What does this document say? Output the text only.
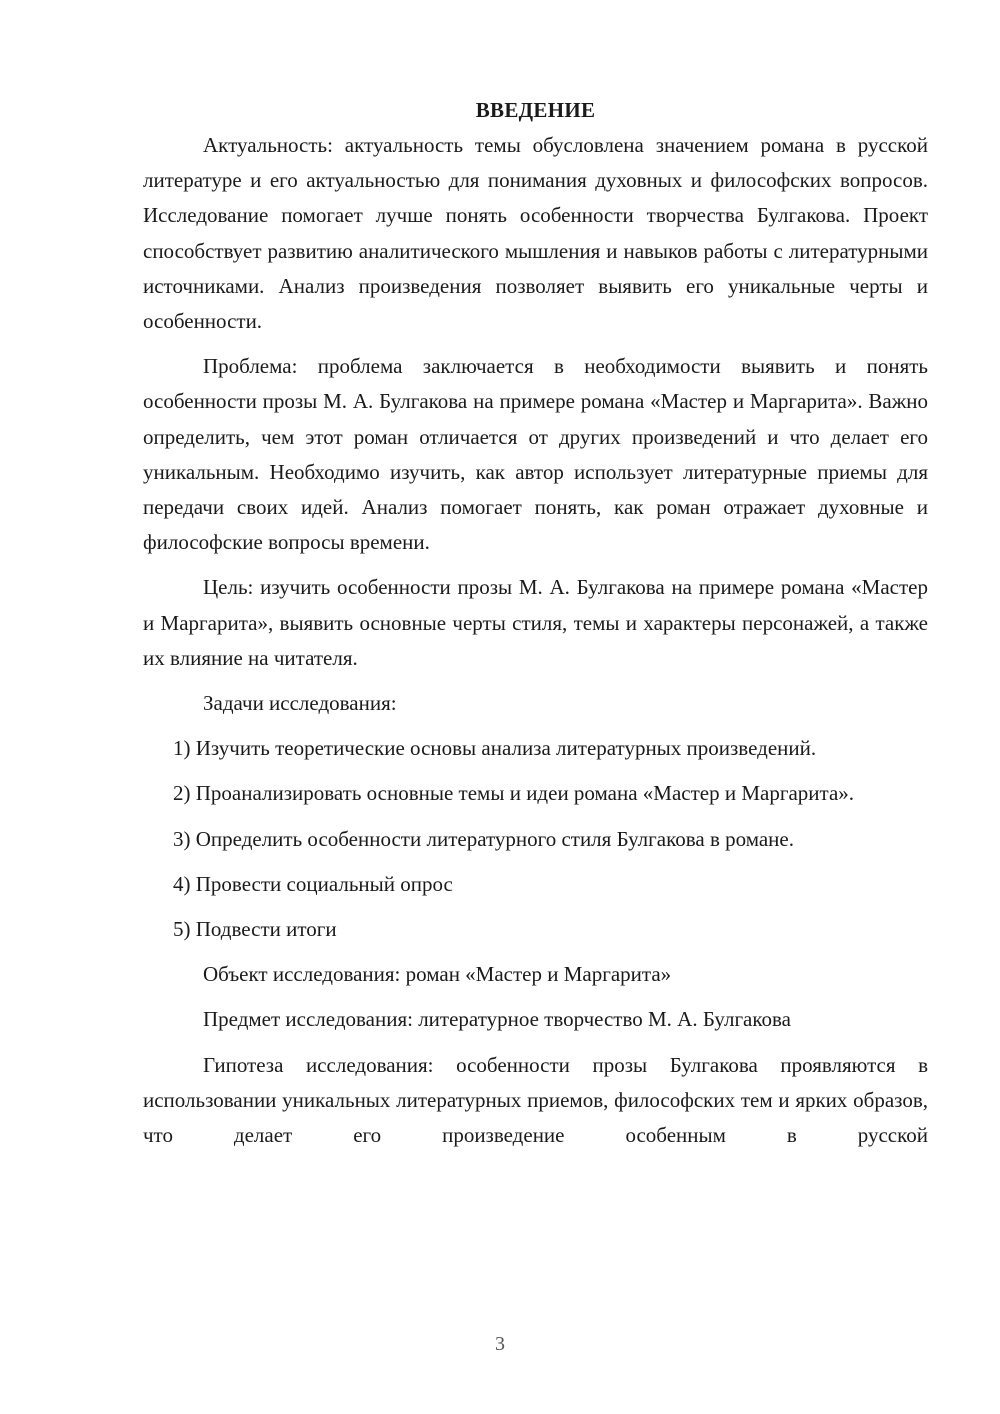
ВВЕДЕНИЕ

Актуальность: актуальность темы обусловлена значением романа в русской литературе и его актуальностью для понимания духовных и философских вопросов. Исследование помогает лучше понять особенности творчества Булгакова. Проект способствует развитию аналитического мышления и навыков работы с литературными источниками. Анализ произведения позволяет выявить его уникальные черты и особенности.

Проблема: проблема заключается в необходимости выявить и понять особенности прозы М. А. Булгакова на примере романа «Мастер и Маргарита». Важно определить, чем этот роман отличается от других произведений и что делает его уникальным. Необходимо изучить, как автор использует литературные приемы для передачи своих идей. Анализ помогает понять, как роман отражает духовные и философские вопросы времени.

Цель: изучить особенности прозы М. А. Булгакова на примере романа «Мастер и Маргарита», выявить основные черты стиля, темы и характеры персонажей, а также их влияние на читателя.

Задачи исследования:

1) Изучить теоретические основы анализа литературных произведений.

2) Проанализировать основные темы и идеи романа «Мастер и Маргарита».

3) Определить особенности литературного стиля Булгакова в романе.

4) Провести социальный опрос

5) Подвести итоги

Объект исследования: роман «Мастер и Маргарита»

Предмет исследования: литературное творчество М. А. Булгакова

Гипотеза исследования: особенности прозы Булгакова проявляются в использовании уникальных литературных приемов, философских тем и ярких образов, что делает его произведение особенным в русской

3
